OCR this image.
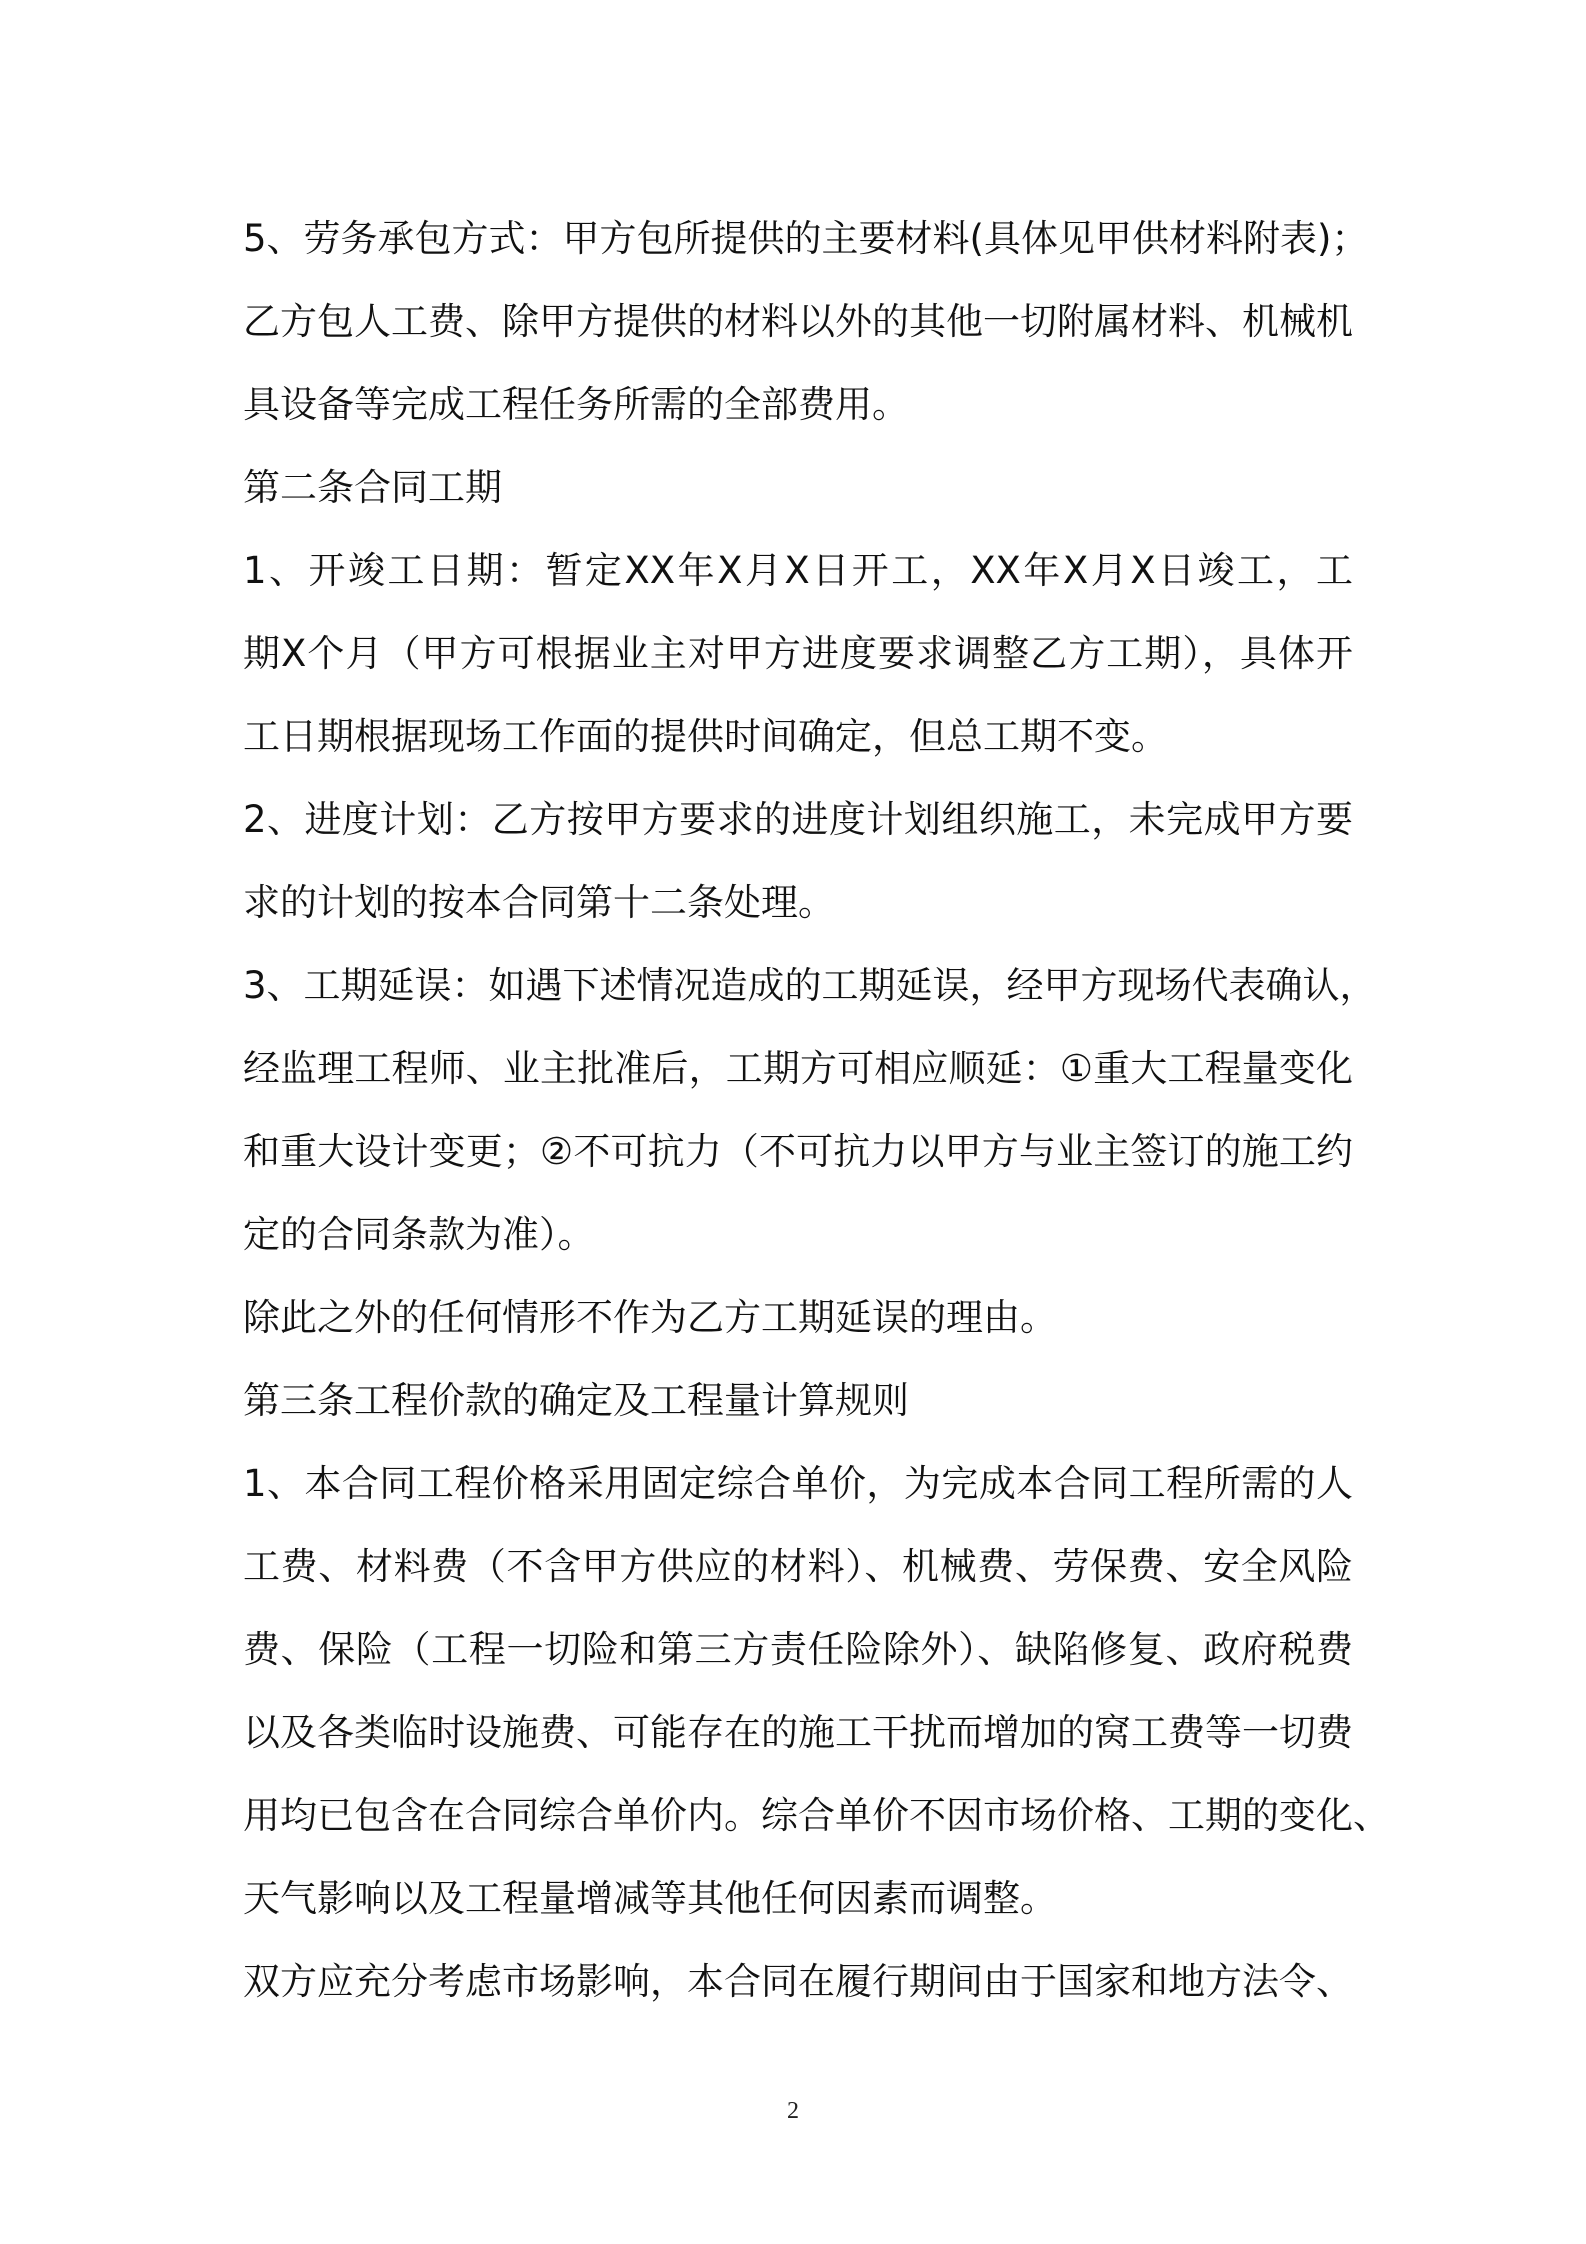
5、劳务承包方式：甲方包所提供的主要材料(具体见甲供材料附表)；
乙方包人工费、除甲方提供的材料以外的其他一切附属材料、机械机
具设备等完成工程任务所需的全部费用。
第二条合同工期
1、开竣工日期：暂定XX年X月X日开工，XX年X月X日竣工，工
期X个月（甲方可根据业主对甲方进度要求调整乙方工期），具体开
工日期根据现场工作面的提供时间确定，但总工期不变。
2、进度计划：乙方按甲方要求的进度计划组织施工，未完成甲方要
求的计划的按本合同第十二条处理。
3、工期延误：如遇下述情况造成的工期延误，经甲方现场代表确认，
经监理工程师、业主批准后，工期方可相应顺延：①重大工程量变化
和重大设计变更；②不可抗力（不可抗力以甲方与业主签订的施工约
定的合同条款为准）。
除此之外的任何情形不作为乙方工期延误的理由。
第三条工程价款的确定及工程量计算规则
1、本合同工程价格采用固定综合单价，为完成本合同工程所需的人
工费、材料费（不含甲方供应的材料）、机械费、劳保费、安全风险
费、保险（工程一切险和第三方责任险除外）、缺陷修复、政府税费
以及各类临时设施费、可能存在的施工干扰而增加的窝工费等一切费
用均已包含在合同综合单价内。综合单价不因市场价格、工期的变化、
天气影响以及工程量增减等其他任何因素而调整。
双方应充分考虑市场影响，本合同在履行期间由于国家和地方法令、
2
